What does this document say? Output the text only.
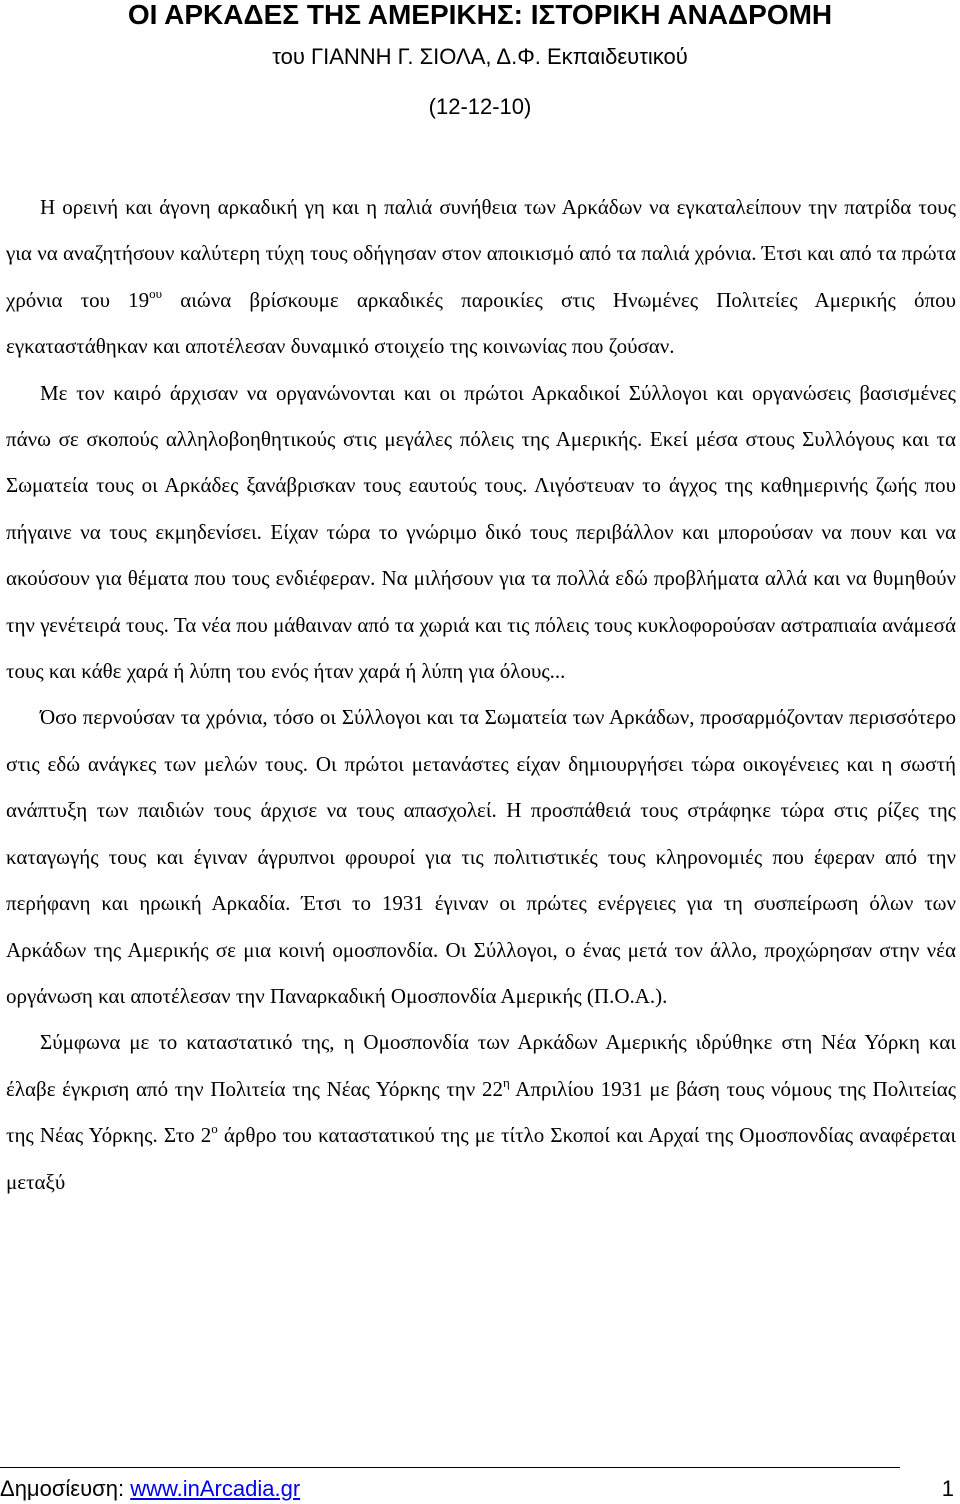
ΟΙ ΑΡΚΑΔΕΣ ΤΗΣ ΑΜΕΡΙΚΗΣ: ΙΣΤΟΡΙΚΗ ΑΝΑΔΡΟΜΗ
του ΓΙΑΝΝΗ Γ. ΣΙΟΛΑ, Δ.Φ. Εκπαιδευτικού
(12-12-10)

Η ορεινή και άγονη αρκαδική γη και η παλιά συνήθεια των Αρκάδων να εγκαταλείπουν την πατρίδα τους για να αναζητήσουν καλύτερη τύχη τους οδήγησαν στον αποικισμό από τα παλιά χρόνια. Έτσι και από τα πρώτα χρόνια του $19^{o\upsilon}$ αιώνα βρίσκουμε αρκαδικές παροικίες στις Ηνωμένες Πολιτείες Αμερικής όπου εγκαταστάθηκαν και αποτέλεσαν δυναμικό στοιχείο της κοινωνίας που ζούσαν.

Με τον καιρό άρχισαν να οργανώνονται και οι πρώτοι Αρκαδικοί Σύλλογοι και οργανώσεις βασισμένες πάνω σε σκοπούς αλληλοβοηθητικούς στις μεγάλες πόλεις της Αμερικής. Εκεί μέσα στους Συλλόγους και τα Σωματεία τους οι Αρκάδες ξανάβρισκαν τους εαυτούς τους. Λιγόστευαν το άγχος της καθημερινής ζωής που πήγαινε να τους εκμηδενίσει. Είχαν τώρα το γνώριμο δικό τους περιβάλλον και μπορούσαν να πουν και να ακούσουν για θέματα που τους ενδιέφεραν. Να μιλήσουν για τα πολλά εδώ προβλήματα αλλά και να θυμηθούν την γενέτειρά τους. Τα νέα που μάθαιναν από τα χωριά και τις πόλεις τους κυκλοφορούσαν αστραπιαία ανάμεσά τους και κάθε χαρά ή λύπη του ενός ήταν χαρά ή λύπη για όλους...

Όσο περνούσαν τα χρόνια, τόσο οι Σύλλογοι και τα Σωματεία των Αρκάδων, προσαρμόζονταν περισσότερο στις εδώ ανάγκες των μελών τους. Οι πρώτοι μετανάστες είχαν δημιουργήσει τώρα οικογένειες και η σωστή ανάπτυξη των παιδιών τους άρχισε να τους απασχολεί. Η προσπάθειά τους στράφηκε τώρα στις ρίζες της καταγωγής τους και έγιναν άγρυπνοι φρουροί για τις πολιτιστικές τους κληρονομιές που έφεραν από την περήφανη και ηρωική Αρκαδία. Έτσι το 1931 έγιναν οι πρώτες ενέργειες για τη συσπείρωση όλων των Αρκάδων της Αμερικής σε μια κοινή ομοσπονδία. Οι Σύλλογοι, ο ένας μετά τον άλλο, προχώρησαν στην νέα οργάνωση και αποτέλεσαν την Παναρκαδική Ομοσπονδία Αμερικής (Π.Ο.Α.).

Σύμφωνα με το καταστατικό της, η Ομοσπονδία των Αρκάδων Αμερικής ιδρύθηκε στη Νέα Υόρκη και έλαβε έγκριση από την Πολιτεία της Νέας Υόρκης την $22^\eta$ Απριλίου 1931 με βάση τους νόμους της Πολιτείας της Νέας Υόρκης. Στο $2^o$ άρθρο του καταστατικού της με τίτλο Σκοποί και Αρχαί της Ομοσπονδίας αναφέρεται μεταξύ

Δημοσίευση: www.inArcadia.gr	1
